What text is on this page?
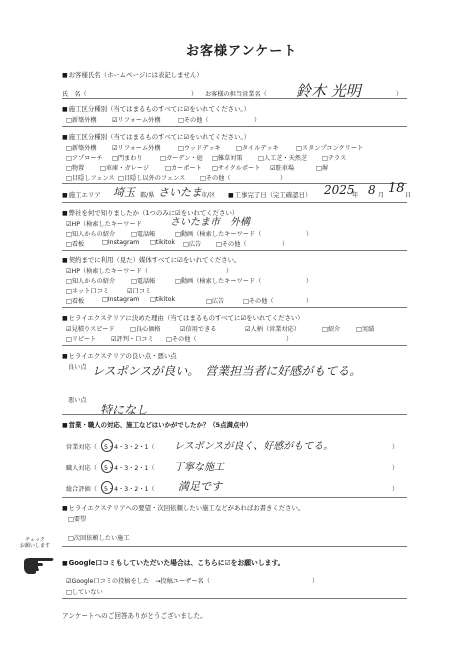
お客様アンケート
■ お客様氏名（ホームページには表記しません）
氏　名（	） お客様の担当営業名（ 鈴木 光明	）
■ 施工区分種別（当てはまるものすべてに☑をいれてください。）
□新築外構 ☑リフォーム外構	□その他（	）
■ 施工区分種別（当てはまるものすべてに☑をいれてください。）
□新築外構 ☑リフォーム外構	□ウッドデッキ □タイルデッキ	□スタンプコンクリート
□アプローチ □門まわり	□ガーデン・庭 □雑草対策 □人工芝・天然芝 □テラス
□物置	□車庫・ガレージ	□カーポート □サイクルポート ☑駐車場	□塀
□目隠しフェンス □目隠し以外のフェンス □その他（	）
■ 施工エリア 埼玉 都/県 さいたま 市/区
■	工事完了日（完工確認日） 2025
年 8 月 18 日
■ 弊社を何で知りましたか（1つのみに☑をいれてください）
☑HP（検索したキーワード	さいたま市　外構
□知人からの紹介	□電話帳	□動画（検索したキーワード（	）
□看板	□Instagram □tikitok □広告 □その他（	）
■ 契約までに利用（見た）媒体すべてに☑をいれてください。
☑HP（検索したキーワード（	）
□知人からの紹介	□電話帳	□動画（検索したキーワード（	）
□ネット口コミ	☑口コミ
□看板	□Instagram □tikitok	□広告	□その他（	）
■ ヒライエクステリアに決めた理由（当てはまるものすべてに☑をいれてください）
☑見積りスピード □良心価格	☑信用できる	☑人柄（営業対応）	□紹介	□実績
□リピート ☑評判・口コミ □その他（	）
■ ヒライエクステリアの良い点・悪い点
良い点 レスポンスが良い。　営業担当者に好感がもてる。
悪い点
特になし
■ 営業・職人の対応、施工などはいかがでしたか？（5点満点中）
営業対応（ 5・4・3・2・1（ レスポンスが良く、好感がもてる。	）
職人対応（ 5・4・3・2・1（ 丁寧な施工	）
総合評価（ 5・4・3・2・1（ 満足です	）
■ ヒライエクステリアへの要望・次回依頼したい施工などがあればお書きください。
□要望
□次回依頼したい施工
チェック
お願いします
■ Google口コミもしていただいた場合は、こちらに☑をお願いします。
☑Google口コミの投稿をした　→投稿ユーザー名（	）
□していない
アンケートへのご回答ありがとうございました。
